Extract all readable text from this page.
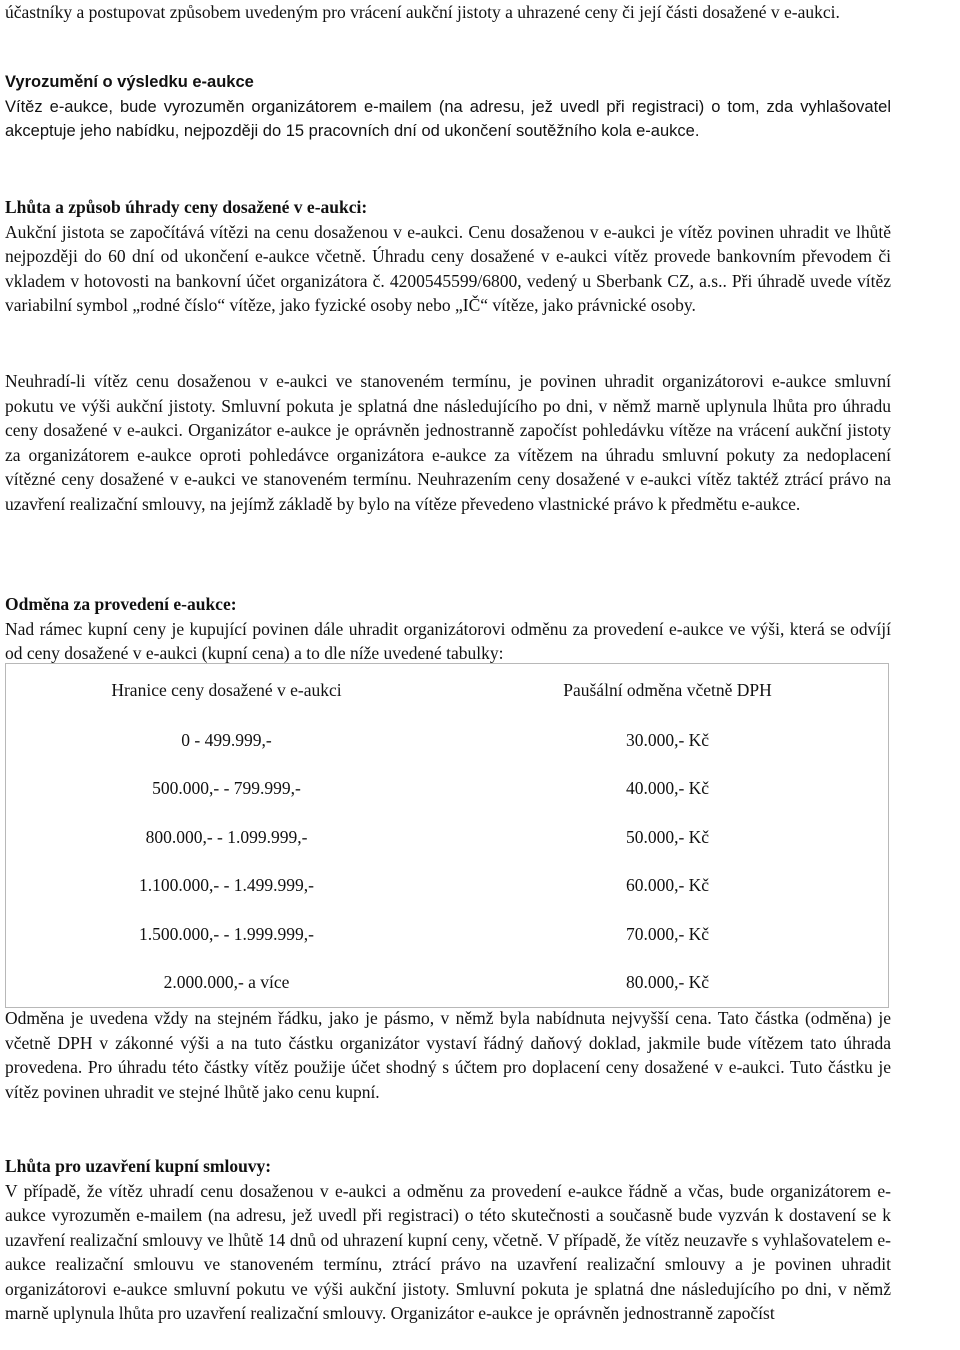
účastníky a postupovat způsobem uvedeným pro vrácení aukční jistoty a uhrazené ceny či její části dosažené v e-aukci.

Vyrozumění o výsledku e-aukce

Vítěz e-aukce, bude vyrozuměn organizátorem e-mailem (na adresu, jež uvedl při registraci) o tom, zda vyhlašovatel akceptuje jeho nabídku, nejpozději do 15 pracovních dní od ukončení soutěžního kola e-aukce.

Lhůta a způsob úhrady ceny dosažené v e-aukci:

Aukční jistota se započítává vítězi na cenu dosaženou v e-aukci. Cenu dosaženou v e-aukci je vítěz povinen uhradit ve lhůtě nejpozději do 60 dní od ukončení e-aukce včetně. Úhradu ceny dosažené v e-aukci vítěz provede bankovním převodem či vkladem v hotovosti na bankovní účet organizátora č. 4200545599/6800, vedený u Sberbank CZ, a.s.. Při úhradě uvede vítěz variabilní symbol „rodné číslo“ vítěze, jako fyzické osoby nebo „IČ“ vítěze, jako právnické osoby.

Neuhradí-li vítěz cenu dosaženou v e-aukci ve stanoveném termínu, je povinen uhradit organizátorovi e-aukce smluvní pokutu ve výši aukční jistoty. Smluvní pokuta je splatná dne následujícího po dni, v němž marně uplynula lhůta pro úhradu ceny dosažené v e-aukci. Organizátor e-aukce je oprávněn jednostranně započíst pohledávku vítěze na vrácení aukční jistoty za organizátorem e-aukce oproti pohledávce organizátora e-aukce za vítězem na úhradu smluvní pokuty za nedoplacení vítězné ceny dosažené v e-aukci ve stanoveném termínu. Neuhrazením ceny dosažené v e-aukci vítěz taktéž ztrácí právo na uzavření realizační smlouvy, na jejímž základě by bylo na vítěze převedeno vlastnické právo k předmětu e-aukce.

Odměna za provedení e-aukce:

Nad rámec kupní ceny je kupující povinen dále uhradit organizátorovi odměnu za provedení e-aukce ve výši, která se odvíjí od ceny dosažené v e-aukci (kupní cena) a to dle níže uvedené tabulky:

Hranice ceny dosažené v e-aukci	Paušální odměna včetně DPH
0 - 499.999,-	30.000,- Kč
500.000,- - 799.999,-	40.000,- Kč
800.000,- - 1.099.999,-	50.000,- Kč
1.100.000,- - 1.499.999,-	60.000,- Kč
1.500.000,- - 1.999.999,-	70.000,- Kč
2.000.000,- a více	80.000,- Kč

Odměna je uvedena vždy na stejném řádku, jako je pásmo, v němž byla nabídnuta nejvyšší cena. Tato částka (odměna) je včetně DPH v zákonné výši a na tuto částku organizátor vystaví řádný daňový doklad, jakmile bude vítězem tato úhrada provedena. Pro úhradu této částky vítěz použije účet shodný s účtem pro doplacení ceny dosažené v e-aukci. Tuto částku je vítěz povinen uhradit ve stejné lhůtě jako cenu kupní.

Lhůta pro uzavření kupní smlouvy:

V případě, že vítěz uhradí cenu dosaženou v e-aukci a odměnu za provedení e-aukce řádně a včas, bude organizátorem e-aukce vyrozuměn e-mailem (na adresu, jež uvedl při registraci) o této skutečnosti a současně bude vyzván k dostavení se k uzavření realizační smlouvy ve lhůtě 14 dnů od uhrazení kupní ceny, včetně. V případě, že vítěz neuzavře s vyhlašovatelem e-aukce realizační smlouvu ve stanoveném termínu, ztrácí právo na uzavření realizační smlouvy a je povinen uhradit organizátorovi e-aukce smluvní pokutu ve výši aukční jistoty. Smluvní pokuta je splatná dne následujícího po dni, v němž marně uplynula lhůta pro uzavření realizační smlouvy. Organizátor e-aukce je oprávněn jednostranně započíst
